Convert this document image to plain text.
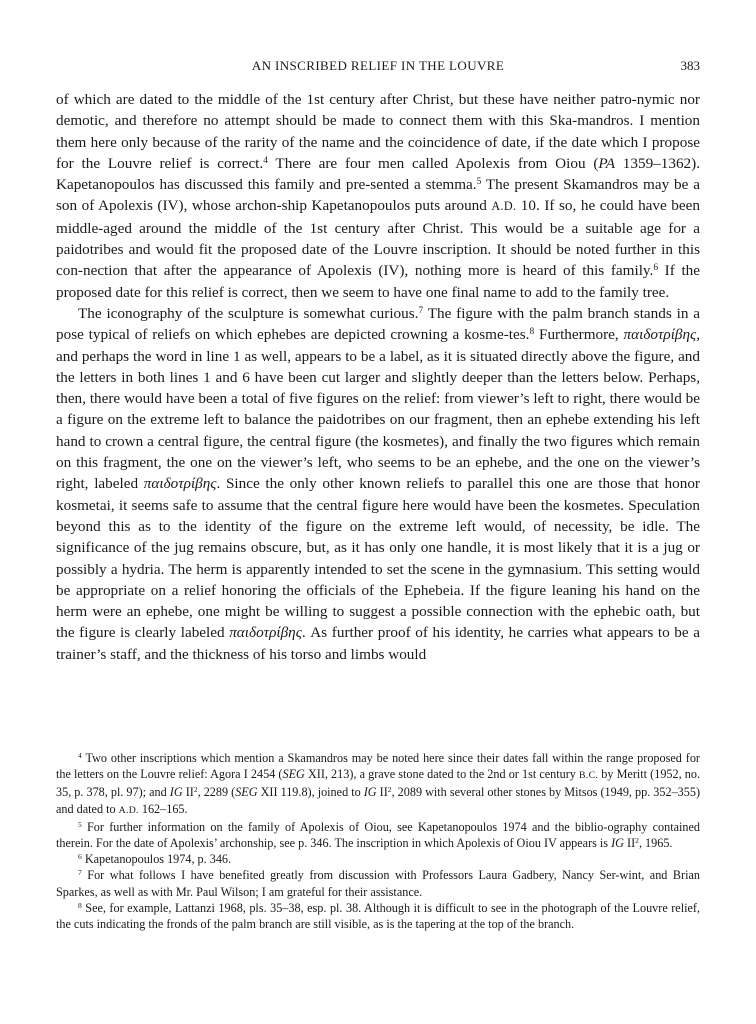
AN INSCRIBED RELIEF IN THE LOUVRE	383

of which are dated to the middle of the 1st century after Christ, but these have neither patro-nymic nor demotic, and therefore no attempt should be made to connect them with this Ska-mandros. I mention them here only because of the rarity of the name and the coincidence of date, if the date which I propose for the Louvre relief is correct.$^4$ There are four men called Apolexis from Oiou (PA 1359–1362). Kapetanopoulos has discussed this family and pre-sented a stemma.$^5$ The present Skamandros may be a son of Apolexis (IV), whose archon-ship Kapetanopoulos puts around A.D. 10. If so, he could have been middle-aged around the middle of the 1st century after Christ. This would be a suitable age for a paidotribes and would fit the proposed date of the Louvre inscription. It should be noted further in this con-nection that after the appearance of Apolexis (IV), nothing more is heard of this family.$^6$ If the proposed date for this relief is correct, then we seem to have one final name to add to the family tree.

The iconography of the sculpture is somewhat curious.$^7$ The figure with the palm branch stands in a pose typical of reliefs on which ephebes are depicted crowning a kosme-tes.$^8$ Furthermore, παιδοτρίβης, and perhaps the word in line 1 as well, appears to be a label, as it is situated directly above the figure, and the letters in both lines 1 and 6 have been cut larger and slightly deeper than the letters below. Perhaps, then, there would have been a total of five figures on the relief: from viewer’s left to right, there would be a figure on the extreme left to balance the paidotribes on our fragment, then an ephebe extending his left hand to crown a central figure, the central figure (the kosmetes), and finally the two figures which remain on this fragment, the one on the viewer’s left, who seems to be an ephebe, and the one on the viewer’s right, labeled παιδοτρίβης. Since the only other known reliefs to parallel this one are those that honor kosmetai, it seems safe to assume that the central figure here would have been the kosmetes. Speculation beyond this as to the identity of the figure on the extreme left would, of necessity, be idle. The significance of the jug remains obscure, but, as it has only one handle, it is most likely that it is a jug or possibly a hydria. The herm is apparently intended to set the scene in the gymnasium. This setting would be appropriate on a relief honoring the officials of the Ephebeia. If the figure leaning his hand on the herm were an ephebe, one might be willing to suggest a possible connection with the ephebic oath, but the figure is clearly labeled παιδοτρίβης. As further proof of his identity, he carries what appears to be a trainer’s staff, and the thickness of his torso and limbs would

$^4$ Two other inscriptions which mention a Skamandros may be noted here since their dates fall within the range proposed for the letters on the Louvre relief: Agora I 2454 (SEG XII, 213), a grave stone dated to the 2nd or 1st century B.C. by Meritt (1952, no. 35, p. 378, pl. 97); and IG $II^2$, 2289 (SEG XII 119.8), joined to IG $II^2$, 2089 with several other stones by Mitsos (1949, pp. 352–355) and dated to A.D. 162–165.

$^5$ For further information on the family of Apolexis of Oiou, see Kapetanopoulos 1974 and the biblio-ography contained therein. For the date of Apolexis’ archonship, see p. 346. The inscription in which Apolexis of Oiou IV appears is IG $II^2$, 1965.

$^6$ Kapetanopoulos 1974, p. 346.

$^7$ For what follows I have benefited greatly from discussion with Professors Laura Gadbery, Nancy Ser-wint, and Brian Sparkes, as well as with Mr. Paul Wilson; I am grateful for their assistance.

$^8$ See, for example, Lattanzi 1968, pls. 35–38, esp. pl. 38. Although it is difficult to see in the photograph of the Louvre relief, the cuts indicating the fronds of the palm branch are still visible, as is the tapering at the top of the branch.
